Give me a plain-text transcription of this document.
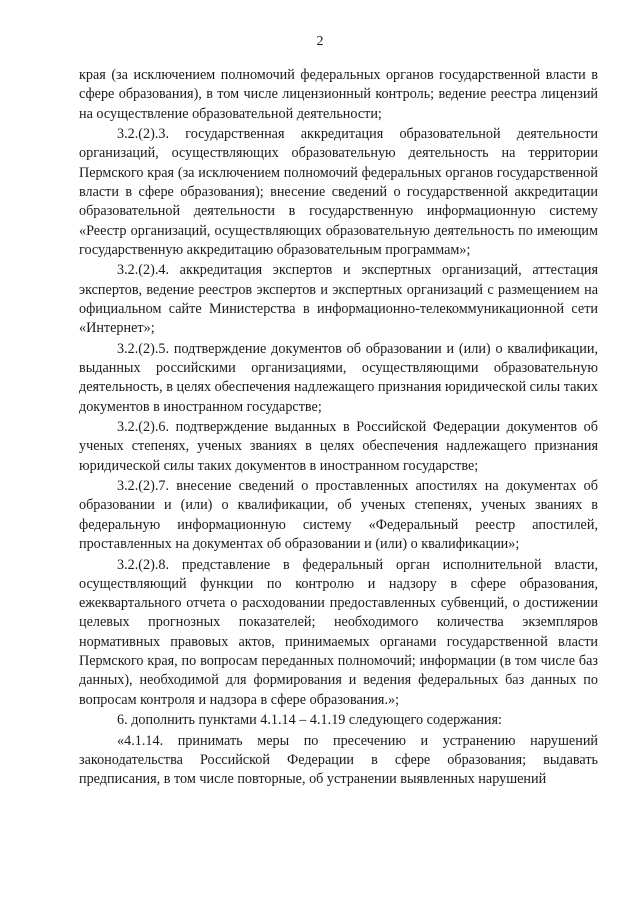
2

края (за исключением полномочий федеральных органов государственной власти в сфере образования), в том числе лицензионный контроль; ведение реестра лицензий на осуществление образовательной деятельности;

3.2.(2).3. государственная аккредитация образовательной деятельности организаций, осуществляющих образовательную деятельность на территории Пермского края (за исключением полномочий федеральных органов государственной власти в сфере образования); внесение сведений о государственной аккредитации образовательной деятельности в государственную информационную систему «Реестр организаций, осуществляющих образовательную деятельность по имеющим государственную аккредитацию образовательным программам»;

3.2.(2).4. аккредитация экспертов и экспертных организаций, аттестация экспертов, ведение реестров экспертов и экспертных организаций с размещением на официальном сайте Министерства в информационно-телекоммуникационной сети «Интернет»;

3.2.(2).5. подтверждение документов об образовании и (или) о квалификации, выданных российскими организациями, осуществляющими образовательную деятельность, в целях обеспечения надлежащего признания юридической силы таких документов в иностранном государстве;

3.2.(2).6. подтверждение выданных в Российской Федерации документов об ученых степенях, ученых званиях в целях обеспечения надлежащего признания юридической силы таких документов в иностранном государстве;

3.2.(2).7. внесение сведений о проставленных апостилях на документах об образовании и (или) о квалификации, об ученых степенях, ученых званиях в федеральную информационную систему «Федеральный реестр апостилей, проставленных на документах об образовании и (или) о квалификации»;

3.2.(2).8. представление в федеральный орган исполнительной власти, осуществляющий функции по контролю и надзору в сфере образования, ежеквартального отчета о расходовании предоставленных субвенций, о достижении целевых прогнозных показателей; необходимого количества экземпляров нормативных правовых актов, принимаемых органами государственной власти Пермского края, по вопросам переданных полномочий; информации (в том числе баз данных), необходимой для формирования и ведения федеральных баз данных по вопросам контроля и надзора в сфере образования.»;

6. дополнить пунктами 4.1.14 – 4.1.19 следующего содержания:

«4.1.14. принимать меры по пресечению и устранению нарушений законодательства Российской Федерации в сфере образования; выдавать предписания, в том числе повторные, об устранении выявленных нарушений
